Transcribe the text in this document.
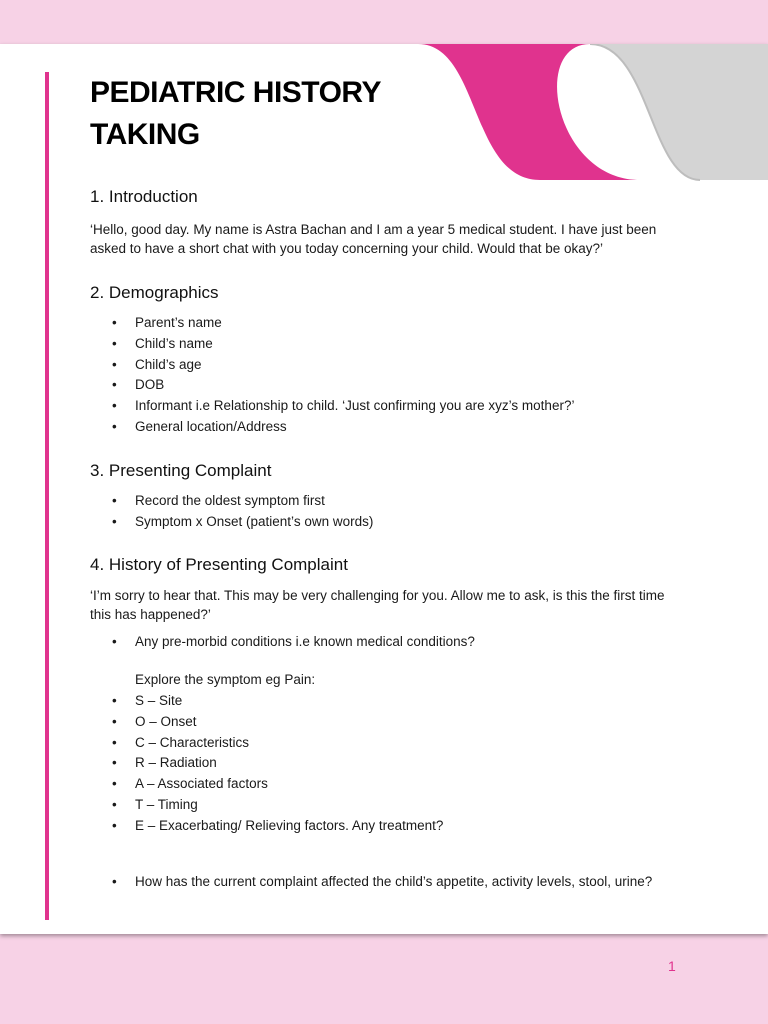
PEDIATRIC HISTORY
TAKING
1. Introduction

‘Hello, good day. My name is Astra Bachan and I am a year 5 medical student. I have just been asked to have a short chat with you today concerning your child. Would that be okay?’

2. Demographics
• Parent’s name
• Child’s name
• Child’s age
• DOB
• Informant i.e Relationship to child. ‘Just confirming you are xyz’s mother?’
• General location/Address
3. Presenting Complaint
• Record the oldest symptom first
• Symptom x Onset (patient’s own words)
4. History of Presenting Complaint

‘I’m sorry to hear that. This may be very challenging for you. Allow me to ask, is this the first time this has happened?’

• Any pre-morbid conditions i.e known medical conditions?
Explore the symptom eg Pain:
• S – Site
• O – Onset
• C – Characteristics
• R – Radiation
• A – Associated factors
• T – Timing
• E – Exacerbating/ Relieving factors. Any treatment?
• How has the current complaint affected the child’s appetite, activity levels, stool, urine?
1
